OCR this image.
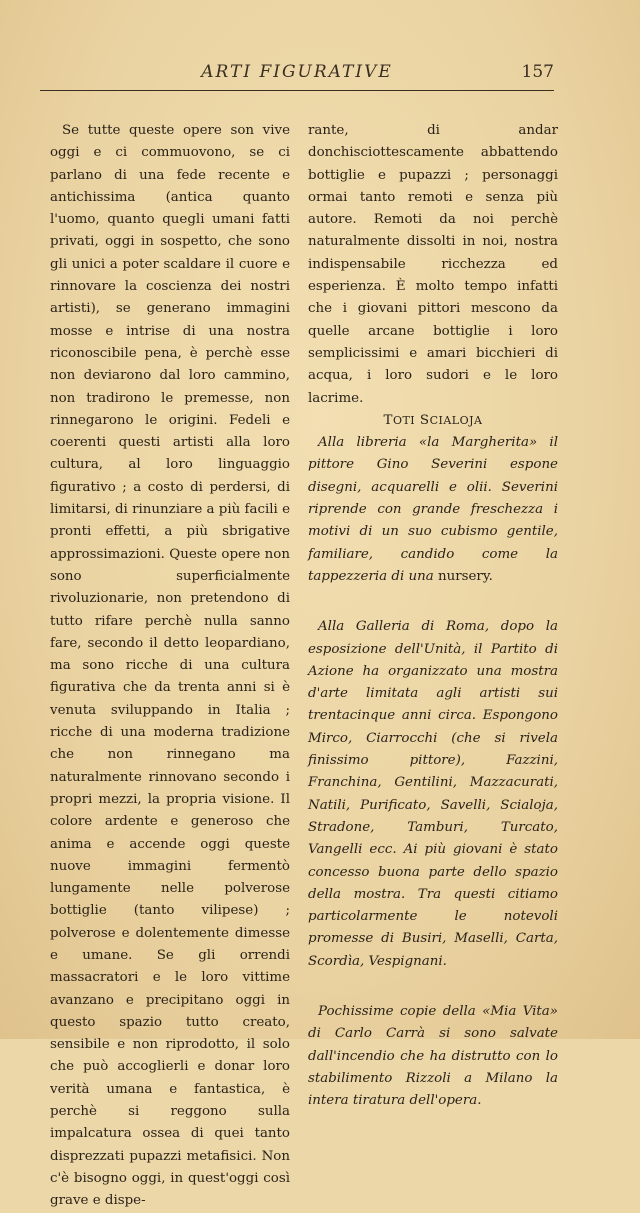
ARTI FIGURATIVE	157

Se tutte queste opere son vive oggi e ci commuovono, se ci parlano di una fede recente e antichissima (antica quanto l'uomo, quanto quegli umani fatti privati, oggi in sospetto, che sono gli unici a poter scaldare il cuore e rinnovare la coscienza dei nostri artisti), se generano immagini mosse e intrise di una nostra riconoscibile pena, è perchè esse non deviarono dal loro cammino, non tradirono le premesse, non rinnegarono le origini. Fedeli e coerenti questi artisti alla loro cultura, al loro linguaggio figurativo ; a costo di perdersi, di limitarsi, di rinunziare a più facili e pronti effetti, a più sbrigative approssimazioni. Queste opere non sono superficialmente rivoluzionarie, non pretendono di tutto rifare perchè nulla sanno fare, secondo il detto leopardiano, ma sono ricche di una cultura figurativa che da trenta anni si è venuta sviluppando in Italia ; ricche di una moderna tradizione che non rinnegano ma naturalmente rinnovano secondo i propri mezzi, la propria visione. Il colore ardente e generoso che anima e accende oggi queste nuove immagini fermentò lungamente nelle polverose bottiglie (tanto vilipese) ; polverose e dolentemente dimesse e umane. Se gli orrendi massacratori e le loro vittime avanzano e precipitano oggi in questo spazio tutto creato, sensibile e non riprodotto, il solo che può accoglierli e donar loro verità umana e fantastica, è perchè si reggono sulla impalcatura ossea di quei tanto disprezzati pupazzi metafisici. Non c'è bisogno oggi, in quest'oggi così grave e dispe-

rante, di andar donchisciottescamente abbattendo bottiglie e pupazzi ; personaggi ormai tanto remoti e senza più autore. Remoti da noi perchè naturalmente dissolti in noi, nostra indispensabile ricchezza ed esperienza. È molto tempo infatti che i giovani pittori mescono da quelle arcane bottiglie i loro semplicissimi e amari bicchieri di acqua, i loro sudori e le loro lacrime.

TOTI SCIALOJA

Alla libreria «la Margherita» il pittore Gino Severini espone disegni, acquarelli e olii. Severini riprende con grande freschezza i motivi di un suo cubismo gentile, familiare, candido come la tappezzeria di una nursery.

Alla Galleria di Roma, dopo la esposizione dell'Unità, il Partito di Azione ha organizzato una mostra d'arte limitata agli artisti sui trentacinque anni circa. Espongono Mirco, Ciarrocchi (che si rivela finissimo pittore), Fazzini, Franchina, Gentilini, Mazzacurati, Natili, Purificato, Savelli, Scialoja, Stradone, Tamburi, Turcato, Vangelli ecc. Ai più giovani è stato concesso buona parte dello spazio della mostra. Tra questi citiamo particolarmente le notevoli promesse di Busiri, Maselli, Carta, Scordìa, Vespignani.

Pochissime copie della «Mia Vita» di Carlo Carrà si sono salvate dall'incendio che ha distrutto con lo stabilimento Rizzoli a Milano la intera tiratura dell'opera.
